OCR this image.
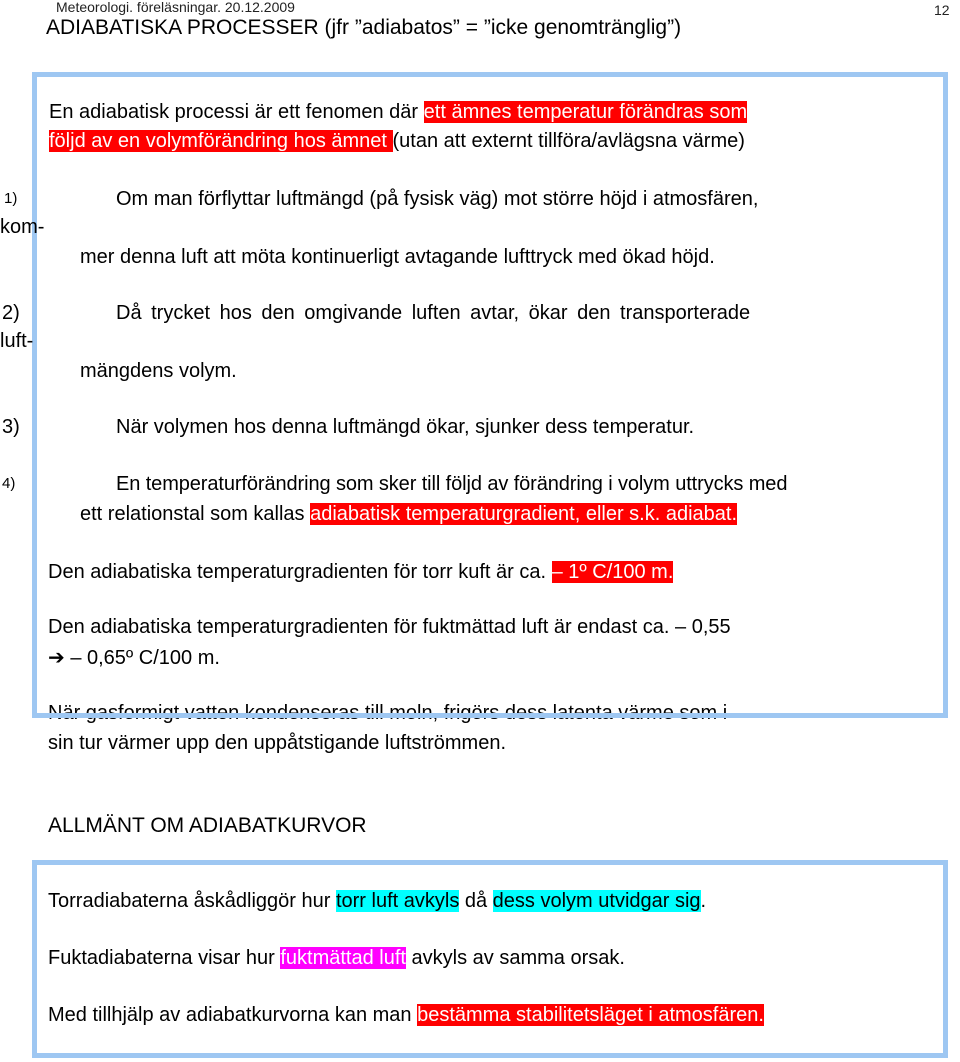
Meteorologi. föreläsningar. 20.12.2009	12
ADIABATISKA PROCESSER (jfr ”adiabatos” = ”icke genomtränglig”)
En adiabatisk processi är ett fenomen där ett ämnes temperatur förändras som
följd av en volymförändring hos ämnet (utan att externt tillföra/avlägsna värme)
1)	Om man förflyttar luftmängd (på fysisk väg) mot större höjd i atmosfären,
kom-
mer denna luft att möta kontinuerligt avtagande lufttryck med ökad höjd.
2)	Då trycket hos den omgivande luften avtar, ökar den transporterade
luft-
mängdens volym.
3)	När volymen hos denna luftmängd ökar, sjunker dess temperatur.
4)	En temperaturförändring som sker till följd av förändring i volym uttrycks med
ett relationstal som kallas adiabatisk temperaturgradient, eller s.k. adiabat.
Den adiabatiska temperaturgradienten för torr kuft är ca. – 1º C/100 m.
Den adiabatiska temperaturgradienten för fuktmättad luft är endast ca. – 0,55
➔ – 0,65º C/100 m.
sin tur värmer upp den uppåtstigande luftströmmen.
ALLMÄNT OM ADIABATKURVOR
Torradiabaterna åskådliggör hur torr luft avkyls då dess volym utvidgar sig.
Fuktadiabaterna visar hur fuktmättad luft avkyls av samma orsak.
Med tillhjälp av adiabatkurvorna kan man bestämma stabilitetsläget i atmosfären.
